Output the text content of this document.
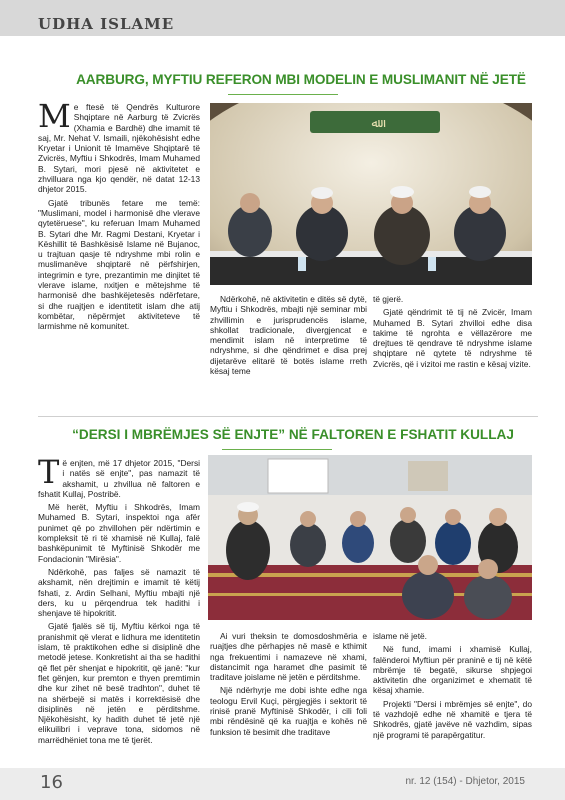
UDHA ISLAME
AARBURG, MYFTIU REFERON MBI MODELIN E MUSLIMANIT NË JETË
M e ftesë të Qendrës Kulturore Shqiptare në Aarburg të Zvicrës (Xhamia e Bardhë) dhe imamit të saj, Mr. Nehat V. Ismaili, njëkohësisht edhe Kryetar i Unionit të Imamëve Shqiptarë të Zvicrës, Myftiu i Shkodrës, Imam Muhamed B. Sytari, mori pjesë në aktivitetet e zhvilluara nga kjo qendër, në datat 12-13 dhjetor 2015.

Gjatë tribunës fetare me temë: "Muslimani, model i harmonisë dhe vlerave qytetëruese", ku referuan Imam Muhamed B. Sytari dhe Mr. Ragmi Destani, Kryetar i Këshillit të Bashkësisë Islame në Bujanoc, u trajtuan qasje të ndryshme mbi rolin e muslimanëve shqiptarë në përfshirjen, integrimin e tyre, prezantimin me dinjitet të vlerave islame, nxitjen e mëtejshme të harmonisë dhe bashkëjetesës ndërfetare, si dhe ruajtjen e identitetit islam dhe atij kombëtar, nëpërmjet aktiviteteve të larmishme në komunitet.

ﷲ

Ndërkohë, në aktivitetin e ditës së dytë, Myftiu i Shkodrës, mbajti një seminar mbi zhvillimin e jurisprudencës islame, shkollat tradicionale, divergjencat e mendimit islam në interpretime të ndryshme, si dhe qëndrimet e disa prej dijetarëve elitarë të botës islame rreth kësaj teme

të gjerë.

Gjatë qëndrimit të tij në Zvicër, Imam Muhamed B. Sytari zhvilloi edhe disa takime të ngrohta e vëllazërore me drejtues të qendrave të ndryshme islame shqiptare në qytete të ndryshme të Zvicrës, që i vizitoi me rastin e kësaj vizite.

“DERSI I MBRËMJES SË ENJTE” NË FALTOREN E FSHATIT KULLAJ
T ë enjten, më 17 dhjetor 2015, "Dersi i natës së enjte", pas namazit të akshamit, u zhvillua në faltoren e fshatit Kullaj, Postribë.

Më herët, Myftiu i Shkodrës, Imam Muhamed B. Sytari, inspektoi nga afër punimet që po zhvillohen për ndërtimin e kompleksit të ri të xhamisë në Kullaj, falë bashkëpunimit të Myftinisë Shkodër me Fondacionin "Mirësia".

Ndërkohë, pas faljes së namazit të akshamit, nën drejtimin e imamit të këtij fshati, z. Ardin Selhani, Myftiu mbajti një ders, ku u përqendrua tek hadithi i shenjave të hipokritit.

Gjatë fjalës së tij, Myftiu kërkoi nga të pranishmit që vlerat e lidhura me identitetin islam, të praktikohen edhe si disiplinë dhe metodë jetese. Konkretisht ai tha se hadithi që flet për shenjat e hipokritit, që janë: "kur flet gënjen, kur premton e thyen premtimin dhe kur zihet në besë tradhton", duhet të na shërbejë si matës i korrektësisë dhe disiplinës në jetën e përditshme. Njëkohësisht, ky hadith duhet të jetë një elikuilibri i veprave tona, sidomos në marrëdhëniet tona me të tjerët.

Ai vuri theksin te domosdoshmëria e ruajtjes dhe përhapjes në masë e kthimit nga frekuentimi i namazeve në xhami, distancimit nga haramet dhe pasimit të traditave joislame në jetën e përditshme.

Një ndërhyrje me dobi ishte edhe nga teologu Ervil Kuçi, përgjegjës i sektorit të rinisë pranë Myftinisë Shkodër, i cili foli mbi rëndësinë që ka ruajtja e kohës në funksion të besimit dhe traditave

islame në jetë.

Në fund, imami i xhamisë Kullaj, falënderoi Myftiun për praninë e tij në këtë mbrëmje të begatë, sikurse shpjegoi aktivitetin dhe organizimet e xhematit të kësaj xhamie.

Projekti "Dersi i mbrëmjes së enjte", do të vazhdojë edhe në xhamitë e tjera të Shkodrës, gjatë javëve në vazhdim, sipas një programi të parapërgatitur.

16	nr. 12 (154) - Dhjetor, 2015
